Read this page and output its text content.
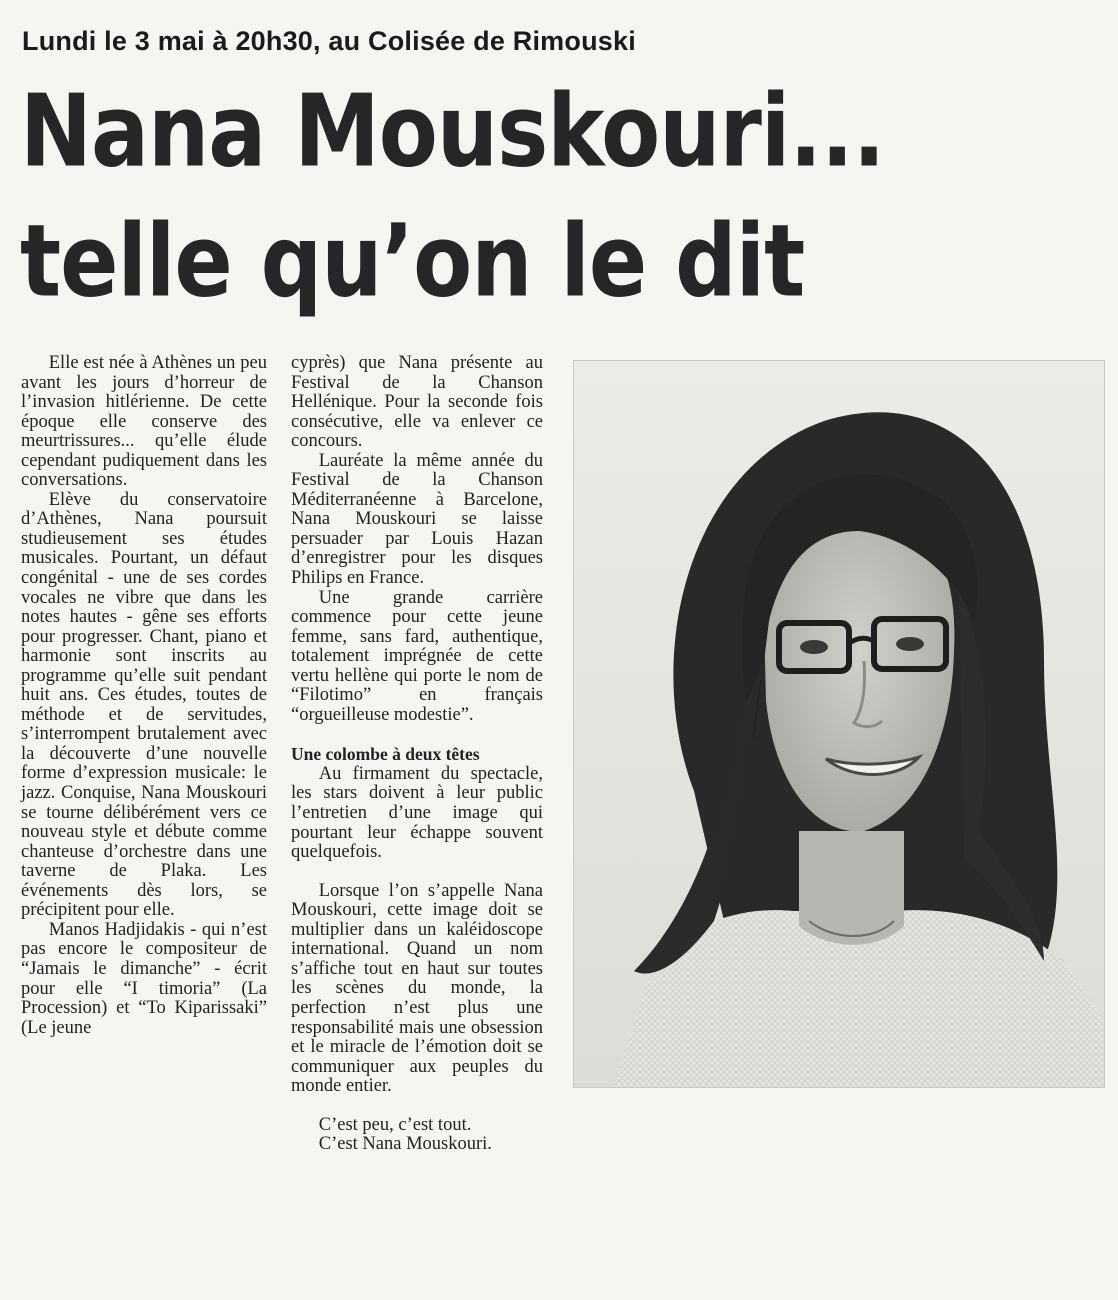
Lundi le 3 mai à 20h30, au Colisée de Rimouski
Nana Mouskouri...
telle qu’on le dit

Elle est née à Athènes un peu avant les jours d’horreur de l’invasion hitlérienne. De cette époque elle conserve des meurtrissures... qu’elle élude cependant pudiquement dans les conversations.

Elève du conservatoire d’Athènes, Nana poursuit studieusement ses études musicales. Pourtant, un défaut congénital - une de ses cordes vocales ne vibre que dans les notes hautes - gêne ses efforts pour progresser. Chant, piano et harmonie sont inscrits au programme qu’elle suit pendant huit ans. Ces études, toutes de méthode et de servitudes, s’interrompent brutalement avec la découverte d’une nouvelle forme d’expression musicale: le jazz. Conquise, Nana Mouskouri se tourne délibérément vers ce nouveau style et débute comme chanteuse d’orchestre dans une taverne de Plaka. Les événements dès lors, se précipitent pour elle.

Manos Hadjidakis - qui n’est pas encore le compositeur de “Jamais le dimanche” - écrit pour elle “I timoria” (La Procession) et “To Kiparissaki” (Le jeune

cyprès) que Nana présente au Festival de la Chanson Hellénique. Pour la seconde fois consécutive, elle va enlever ce concours.

Lauréate la même année du Festival de la Chanson Méditerranéenne à Barcelone, Nana Mouskouri se laisse persuader par Louis Hazan d’enregistrer pour les disques Philips en France.

Une grande carrière commence pour cette jeune femme, sans fard, authentique, totalement imprégnée de cette vertu hellène qui porte le nom de “Filotimo” en français “orgueilleuse modestie”.

Une colombe à deux têtes

Au firmament du spectacle, les stars doivent à leur public l’entretien d’une image qui pourtant leur échappe souvent quelquefois.

Lorsque l’on s’appelle Nana Mouskouri, cette image doit se multiplier dans un kaléidoscope international. Quand un nom s’affiche tout en haut sur toutes les scènes du monde, la perfection n’est plus une responsabilité mais une obsession et le miracle de l’émotion doit se communiquer aux peuples du monde entier.

C’est peu, c’est tout.

C’est Nana Mouskouri.
